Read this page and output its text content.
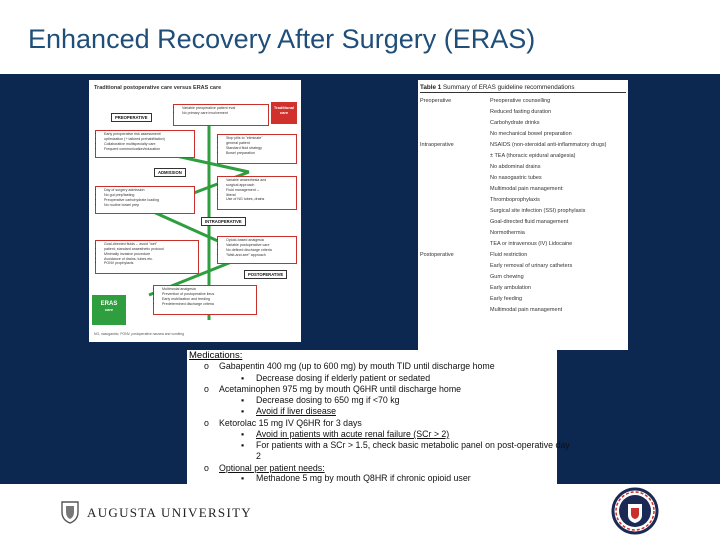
Enhanced Recovery After Surgery (ERAS)
Traditional postoperative care versus ERAS care
PREOPERATIVE
• Variable preoperative patient eval
• No primary care involvement
Traditional care
• Early preoperative risk assessment/
• optimization (+ tailored prehabilitation)
• Collaborative multispecialty care
• Frequent communication/education
• Stop pills to "eliminate"
• general patient
• Standard fluid strategy
• Bowel preparation
ADMISSION
• Day of surgery admission
• No gut prep/fasting
• Preoperative carbohydrate loading
• No routine bowel prep
• Variable anaesthesia and
• surgical approach
• Fluid management --
• liberal
• Use of NG tubes, drains
INTRAOPERATIVE
• Goal-directed fluids -- avoid "wet"
• patient; standard anaesthetic protocol
• Minimally invasive procedure
• Avoidance of drains, tubes etc.
• PONV prophylaxis
• Opioid-based analgesia
• Variable postoperative care
• No defined discharge criteria
• "Wait-and-see" approach
POSTOPERATIVE
ERAS
care
• Multimodal analgesia
• Prevention of postoperative ileus
• Early mobilization and feeding
• Predetermined discharge criteria
NG, nasogastric; PONV, postoperative nausea and vomiting
Table 1 Summary of ERAS guideline recommendations
Preoperative	Preoperative counselling
	Reduced fasting duration
	Carbohydrate drinks
	No mechanical bowel preparation
Intraoperative	NSAIDS (non-steroidal anti-inflammatory drugs)
	± TEA (thoracic epidural analgesia)
	No abdominal drains
	No nasogastric tubes
	Multimodal pain management:
	Thromboprophylaxis
	Surgical site infection (SSI) prophylaxis
	Goal-directed fluid management
	Normothermia
	TEA or intravenous (IV) Lidocaine
Postoperative	Fluid restriction
	Early removal of urinary catheters
	Gum chewing
	Early ambulation
	Early feeding
	Multimodal pain management
Medications:
o Gabapentin 400 mg (up to 600 mg) by mouth TID until discharge home
▪ Decrease dosing if elderly patient or sedated
o Acetaminophen 975 mg by mouth Q6HR until discharge home
▪ Decrease dosing to 650 mg if <70 kg
▪ Avoid if liver disease
o Ketorolac 15 mg IV Q6HR for 3 days
▪ Avoid in patients with acute renal failure (SCr > 2)
▪ For patients with a SCr > 1.5, check basic metabolic panel on post-operative day
2
o Optional per patient needs:
▪ Methadone 5 mg by mouth Q8HR if chronic opioid user
AUGUSTA UNIVERSITY
